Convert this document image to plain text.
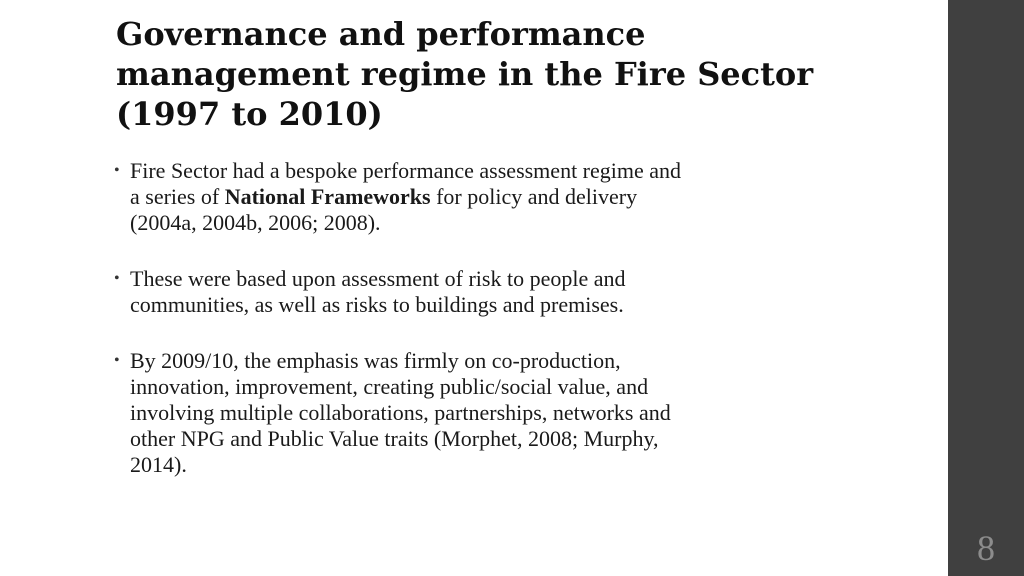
Governance and performance
management regime in the Fire Sector
(1997 to 2010)
• Fire Sector had a bespoke performance assessment regime and
a series of National Frameworks for policy and delivery
(2004a, 2004b, 2006; 2008).
• These were based upon assessment of risk to people and
communities, as well as risks to buildings and premises.
• By 2009/10, the emphasis was firmly on co-production,
innovation, improvement, creating public/social value, and
involving multiple collaborations, partnerships, networks and
other NPG and Public Value traits (Morphet, 2008; Murphy,
2014).
8
